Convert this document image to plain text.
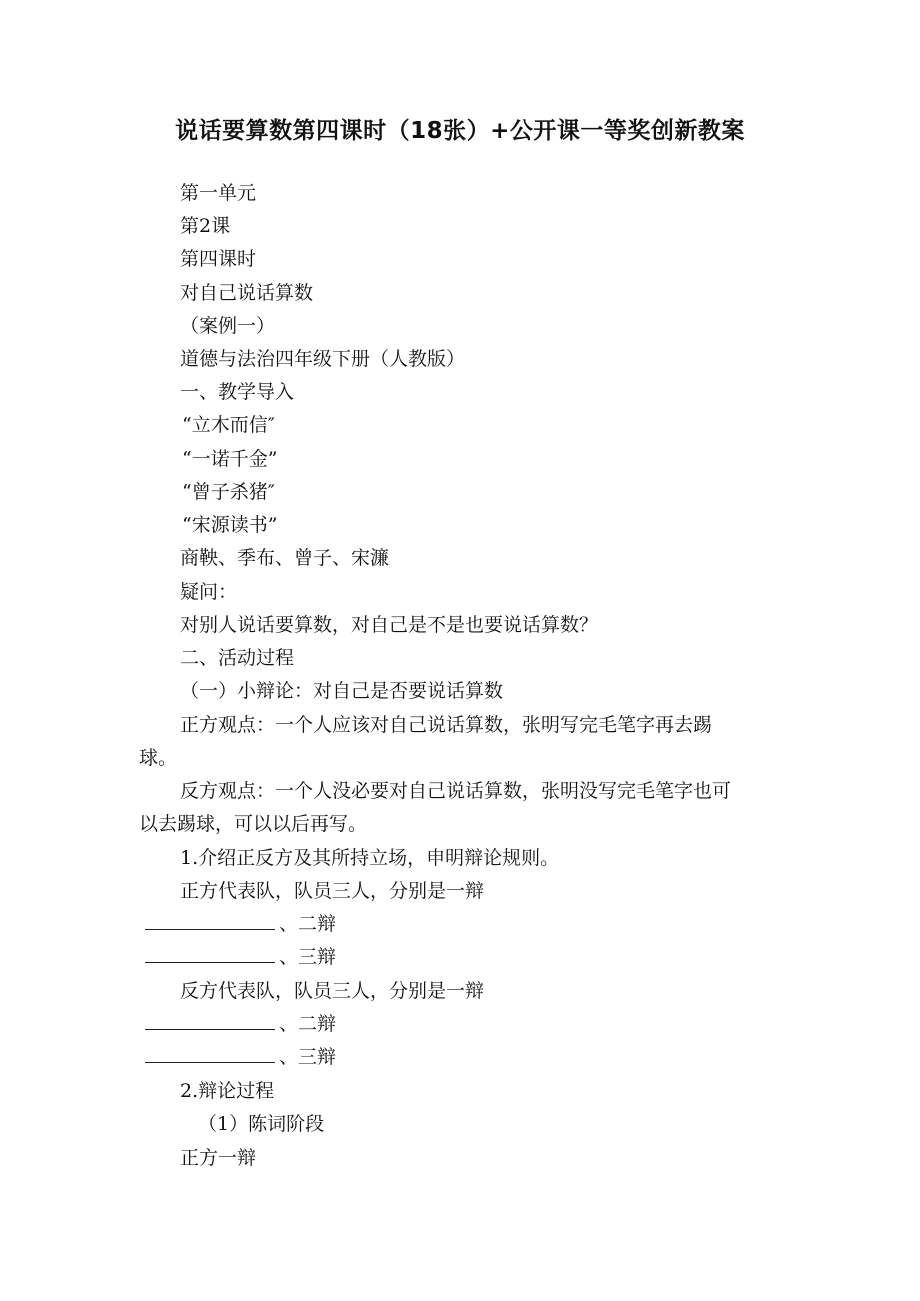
说话要算数第四课时（18张）+公开课一等奖创新教案
第一单元
第2课
第四课时
对自己说话算数
（案例一）
道德与法治四年级下册（人教版）
一、教学导入
“立木而信″
“一诺千金”
“曾子杀猪″
“宋源读书”
商鞅、季布、曾子、宋濂
疑问：
对别人说话要算数，对自己是不是也要说话算数？
二、活动过程
（一）小辩论：对自己是否要说话算数
正方观点：一个人应该对自己说话算数，张明写完毛笔字再去踢
球。
反方观点：一个人没必要对自己说话算数，张明没写完毛笔字也可
以去踢球，可以以后再写。
1.介绍正反方及其所持立场，申明辩论规则。
正方代表队，队员三人，分别是一辩
、二辩
、三辩
反方代表队，队员三人，分别是一辩
、二辩
、三辩
2.辩论过程
（1）陈词阶段
正方一辩
